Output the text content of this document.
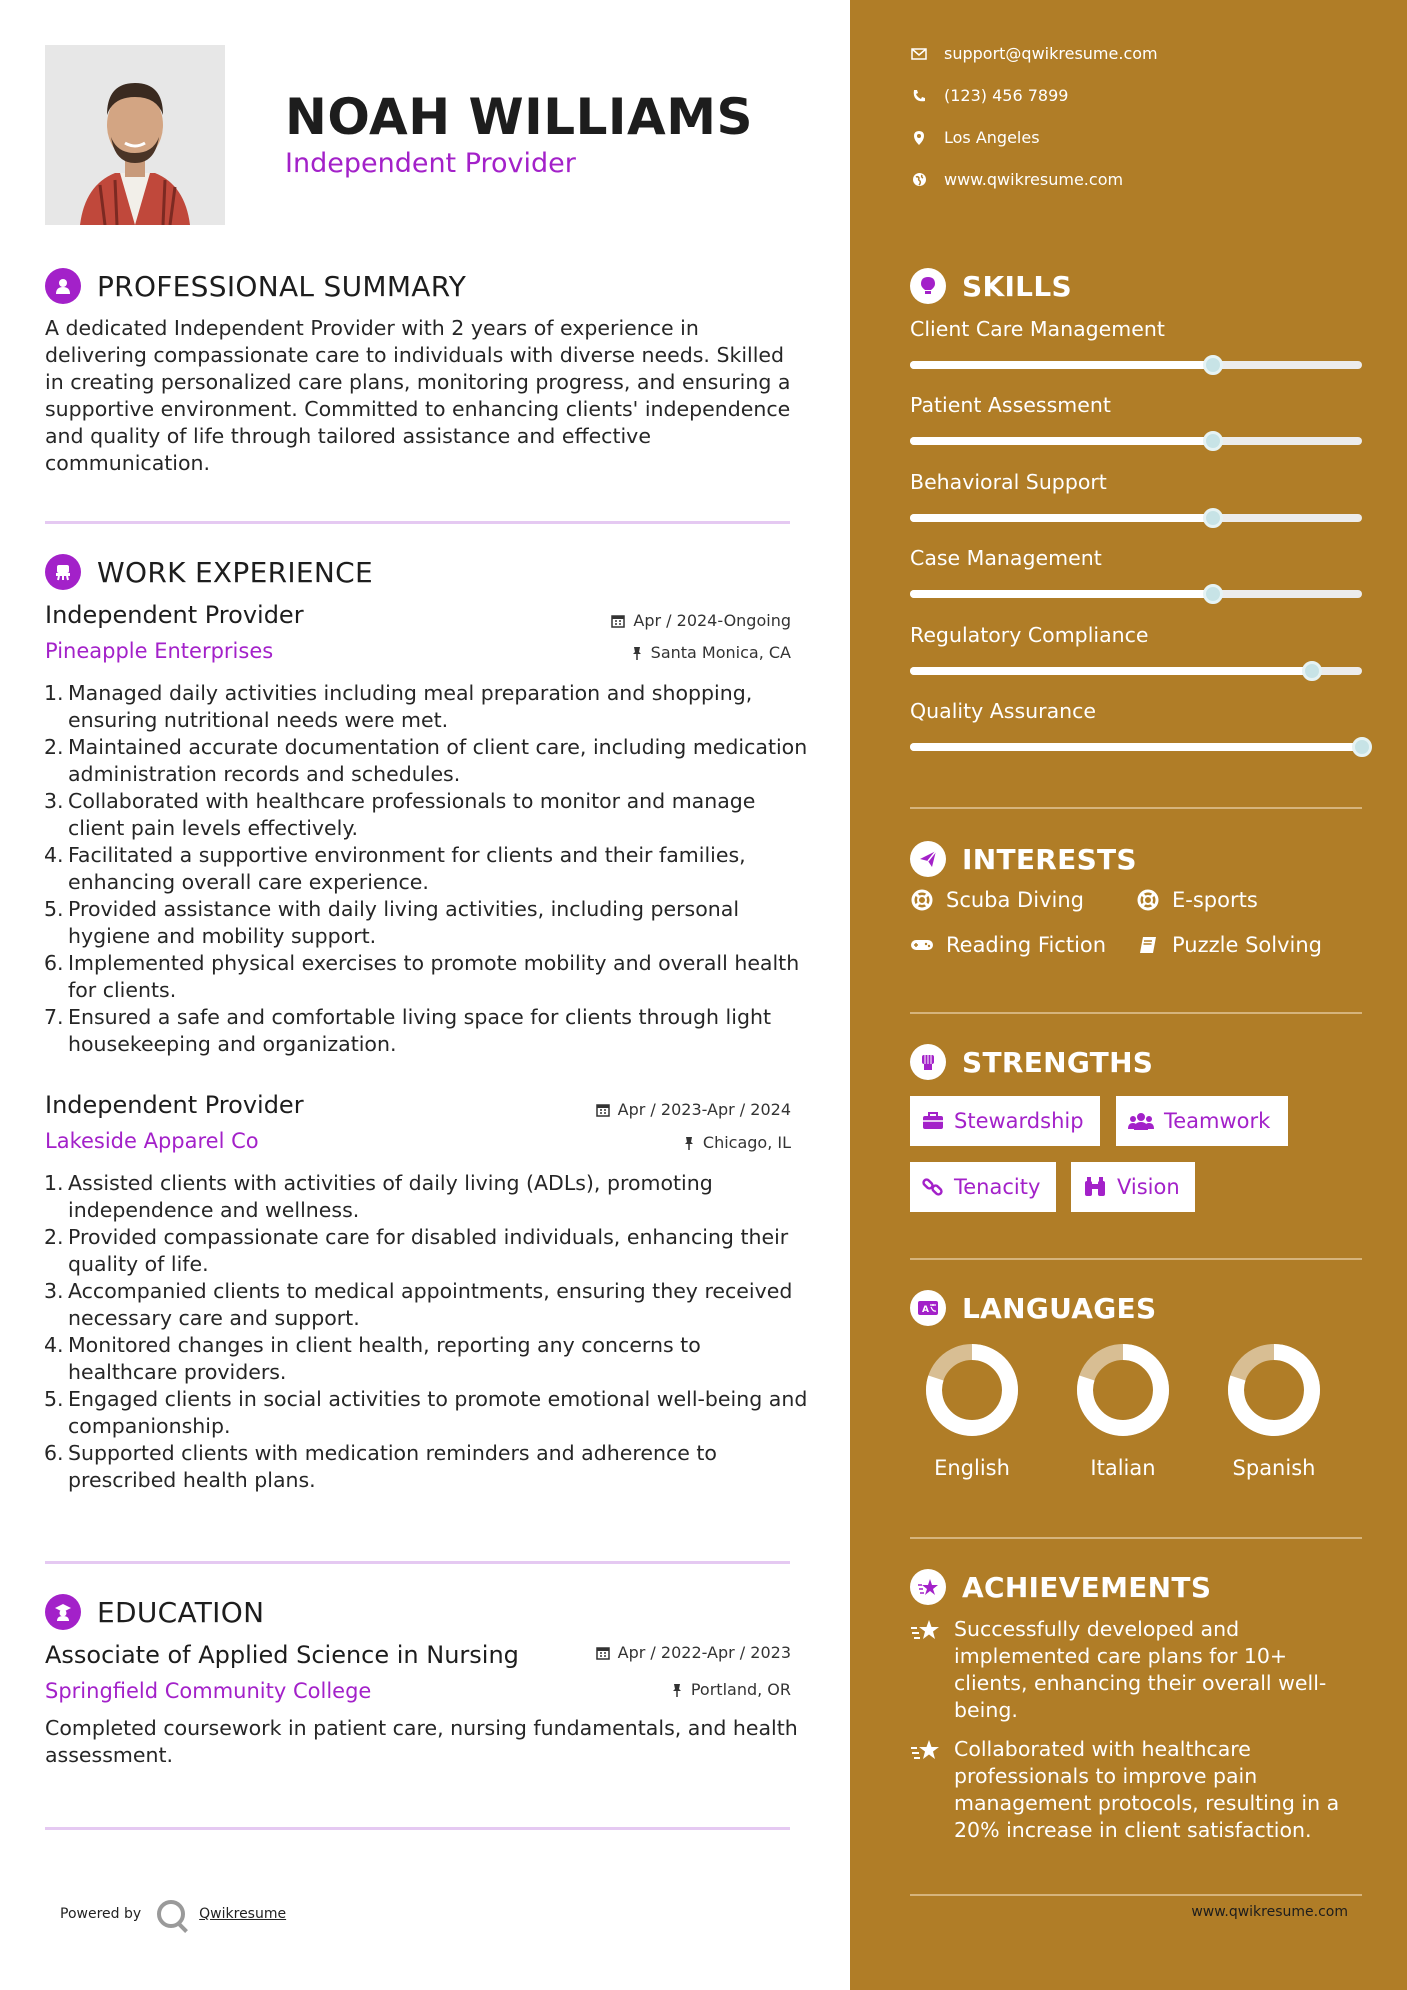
NOAH WILLIAMS
Independent Provider
PROFESSIONAL SUMMARY
A dedicated Independent Provider with 2 years of experience in delivering compassionate care to individuals with diverse needs. Skilled in creating personalized care plans, monitoring progress, and ensuring a supportive environment. Committed to enhancing clients' independence and quality of life through tailored assistance and effective communication.
WORK EXPERIENCE
Independent Provider	Apr / 2024-Ongoing
Pineapple Enterprises	Santa Monica, CA
Managed daily activities including meal preparation and shopping, ensuring nutritional needs were met.
Maintained accurate documentation of client care, including medication administration records and schedules.
Collaborated with healthcare professionals to monitor and manage client pain levels effectively.
Facilitated a supportive environment for clients and their families, enhancing overall care experience.
Provided assistance with daily living activities, including personal hygiene and mobility support.
Implemented physical exercises to promote mobility and overall health for clients.
Ensured a safe and comfortable living space for clients through light housekeeping and organization.
Independent Provider	Apr / 2023-Apr / 2024
Lakeside Apparel Co	Chicago, IL
Assisted clients with activities of daily living (ADLs), promoting independence and wellness.
Provided compassionate care for disabled individuals, enhancing their quality of life.
Accompanied clients to medical appointments, ensuring they received necessary care and support.
Monitored changes in client health, reporting any concerns to healthcare providers.
Engaged clients in social activities to promote emotional well-being and companionship.
Supported clients with medication reminders and adherence to prescribed health plans.
EDUCATION
Associate of Applied Science in Nursing	Apr / 2022-Apr / 2023
Springfield Community College	Portland, OR
Completed coursework in patient care, nursing fundamentals, and health assessment.
Powered by	Qwikresume
support@qwikresume.com
(123) 456 7899
Los Angeles
www.qwikresume.com
SKILLS
Client Care Management
Patient Assessment
Behavioral Support
Case Management
Regulatory Compliance
Quality Assurance
INTERESTS
Scuba Diving	E-sports
Reading Fiction	Puzzle Solving
STRENGTHS
Stewardship	Teamwork
Tenacity	Vision
A LANGUAGES
English	Italian	Spanish
ACHIEVEMENTS
Successfully developed and implemented care plans for 10+ clients, enhancing their overall well-being.
Collaborated with healthcare professionals to improve pain management protocols, resulting in a 20% increase in client satisfaction.
www.qwikresume.com
